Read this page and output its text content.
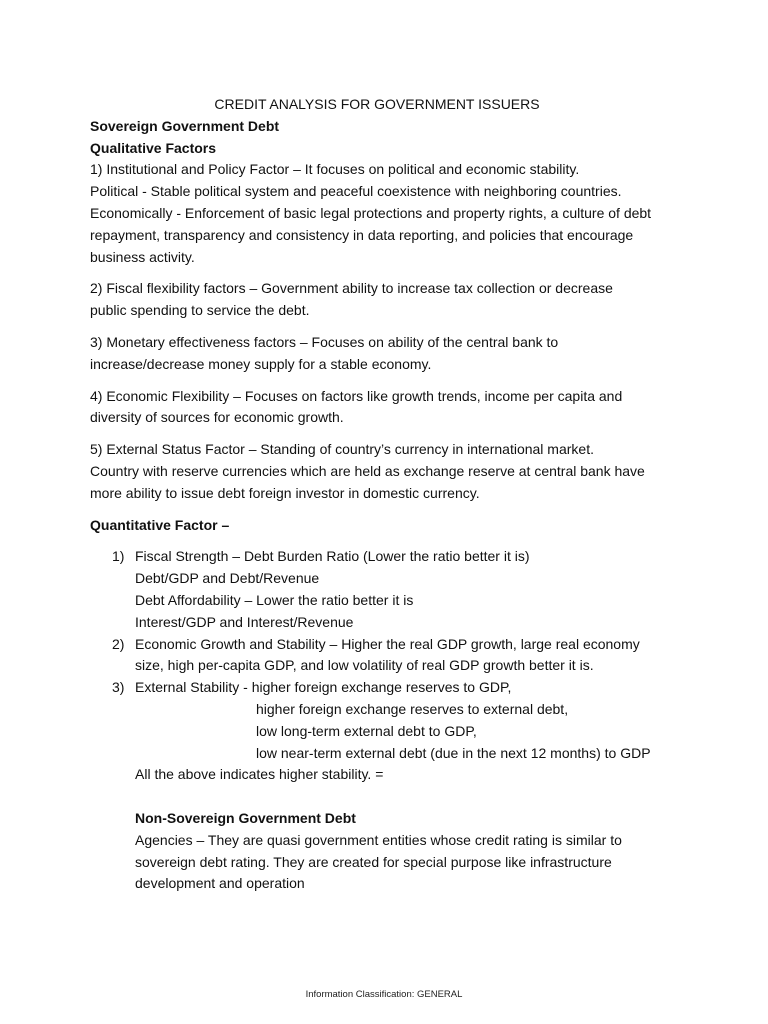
CREDIT ANALYSIS FOR GOVERNMENT ISSUERS
Sovereign Government Debt
Qualitative Factors
1) Institutional and Policy Factor – It focuses on political and economic stability.
Political - Stable political system and peaceful coexistence with neighboring countries.
Economically - Enforcement of basic legal protections and property rights, a culture of debt
repayment, transparency and consistency in data reporting, and policies that encourage
business activity.
2) Fiscal flexibility factors – Government ability to increase tax collection or decrease
public spending to service the debt.
3) Monetary effectiveness factors – Focuses on ability of the central bank to
increase/decrease money supply for a stable economy.
4) Economic Flexibility – Focuses on factors like growth trends, income per capita and
diversity of sources for economic growth.
5) External Status Factor – Standing of country’s currency in international market.
Country with reserve currencies which are held as exchange reserve at central bank have
more ability to issue debt foreign investor in domestic currency.
Quantitative Factor –
1) Fiscal Strength – Debt Burden Ratio (Lower the ratio better it is)
Debt/GDP and Debt/Revenue
Debt Affordability – Lower the ratio better it is
Interest/GDP and Interest/Revenue
2) Economic Growth and Stability – Higher the real GDP growth, large real economy
size, high per-capita GDP, and low volatility of real GDP growth better it is.
3) External Stability - higher foreign exchange reserves to GDP,
higher foreign exchange reserves to external debt,
low long-term external debt to GDP,
low near-term external debt (due in the next 12 months) to GDP
All the above indicates higher stability. =
Non-Sovereign Government Debt
Agencies – They are quasi government entities whose credit rating is similar to
sovereign debt rating. They are created for special purpose like infrastructure
development and operation
Information Classification: GENERAL
